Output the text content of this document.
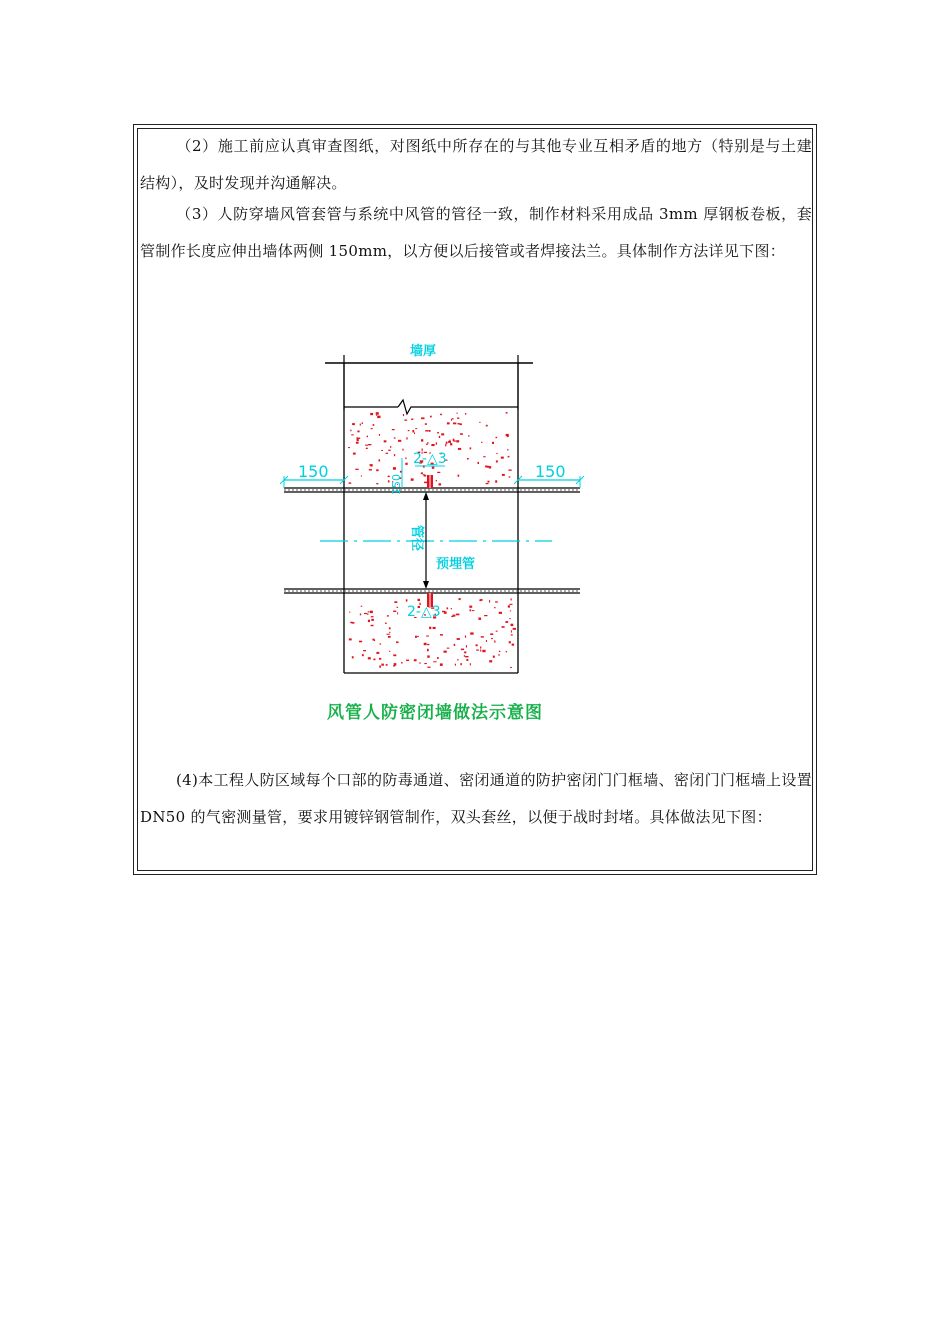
（2）施工前应认真审查图纸，对图纸中所存在的与其他专业互相矛盾的地方（特别是与土建结构），及时发现并沟通解决。

（3）人防穿墙风管套管与系统中风管的管径一致，制作材料采用成品 3mm 厚钢板卷板，套管制作长度应伸出墙体两侧 150mm，以方便以后接管或者焊接法兰。具体制作方法详见下图：

墙厚
150	150
2-△3
2-△3
150
管径
预埋管
风管人防密闭墙做法示意图

(4)本工程人防区域每个口部的防毒通道、密闭通道的防护密闭门门框墙、密闭门门框墙上设置 DN50 的气密测量管，要求用镀锌钢管制作，双头套丝，以便于战时封堵。具体做法见下图：
